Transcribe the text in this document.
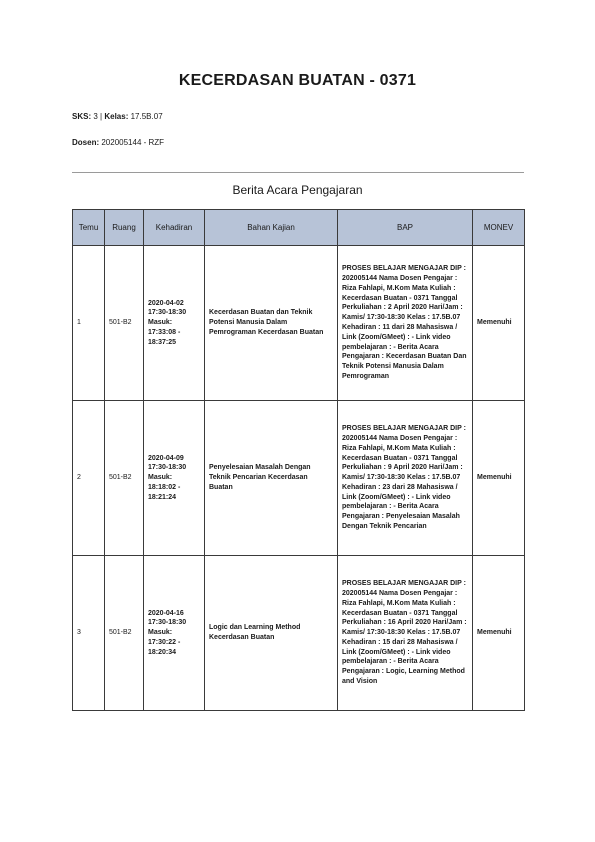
KECERDASAN BUATAN - 0371
SKS: 3 | Kelas: 17.5B.07
Dosen: 202005144 - RZF
Berita Acara Pengajaran
Temu	Ruang	Kehadiran	Bahan Kajian	BAP	MONEV
1	501-B2	2020-04-02 17:30-18:30 Masuk: 17:33:08 - 18:37:25	Kecerdasan Buatan dan Teknik Potensi Manusia Dalam Pemrograman Kecerdasan Buatan	PROSES BELAJAR MENGAJAR DIP : 202005144 Nama Dosen Pengajar : Riza Fahlapi, M.Kom Mata Kuliah : Kecerdasan Buatan - 0371 Tanggal Perkuliahan : 2 April 2020 Hari/Jam : Kamis/ 17:30-18:30 Kelas : 17.5B.07 Kehadiran : 11 dari 28 Mahasiswa / Link (Zoom/GMeet) : - Link video pembelajaran : - Berita Acara Pengajaran : Kecerdasan Buatan Dan Teknik Potensi Manusia Dalam Pemrograman	Memenuhi
2	501-B2	2020-04-09 17:30-18:30 Masuk: 18:18:02 - 18:21:24	Penyelesaian Masalah Dengan Teknik Pencarian Kecerdasan Buatan	PROSES BELAJAR MENGAJAR DIP : 202005144 Nama Dosen Pengajar : Riza Fahlapi, M.Kom Mata Kuliah : Kecerdasan Buatan - 0371 Tanggal Perkuliahan : 9 April 2020 Hari/Jam : Kamis/ 17:30-18:30 Kelas : 17.5B.07 Kehadiran : 23 dari 28 Mahasiswa / Link (Zoom/GMeet) : - Link video pembelajaran : - Berita Acara Pengajaran : Penyelesaian Masalah Dengan Teknik Pencarian	Memenuhi
3	501-B2	2020-04-16 17:30-18:30 Masuk: 17:30:22 - 18:20:34	Logic dan Learning Method Kecerdasan Buatan	PROSES BELAJAR MENGAJAR DIP : 202005144 Nama Dosen Pengajar : Riza Fahlapi, M.Kom Mata Kuliah : Kecerdasan Buatan - 0371 Tanggal Perkuliahan : 16 April 2020 Hari/Jam : Kamis/ 17:30-18:30 Kelas : 17.5B.07 Kehadiran : 15 dari 28 Mahasiswa / Link (Zoom/GMeet) : - Link video pembelajaran : - Berita Acara Pengajaran : Logic, Learning Method and Vision	Memenuhi
